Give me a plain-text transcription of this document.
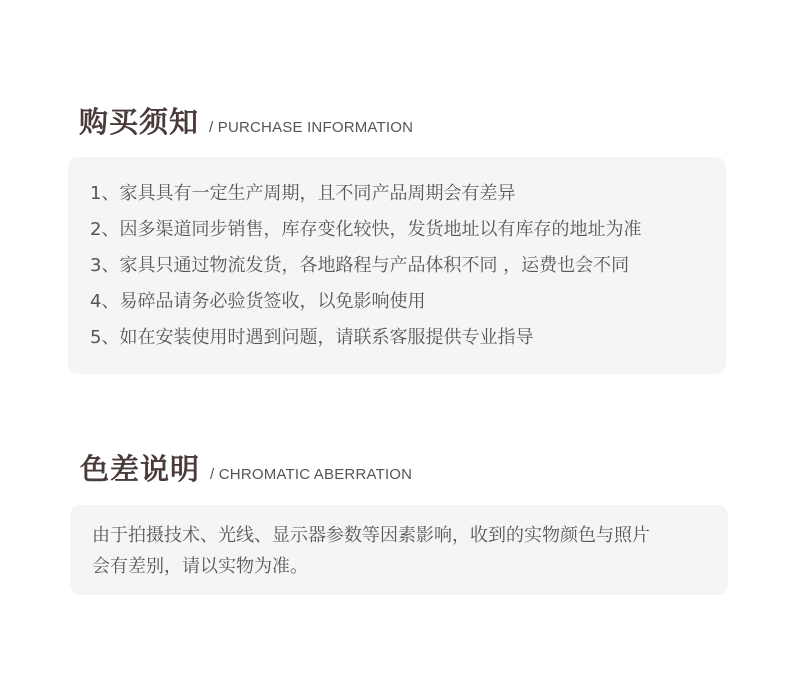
购买须知 / PURCHASE INFORMATION
1、家具具有一定生产周期，且不同产品周期会有差异
2、因多渠道同步销售，库存变化较快，发货地址以有库存的地址为准
3、家具只通过物流发货，各地路程与产品体积不同 ，运费也会不同
4、易碎品请务必验货签收，以免影响使用
5、如在安装使用时遇到问题，请联系客服提供专业指导
色差说明 / CHROMATIC ABERRATION
由于拍摄技术、光线、显示器参数等因素影响，收到的实物颜色与照片
会有差别，请以实物为准。
